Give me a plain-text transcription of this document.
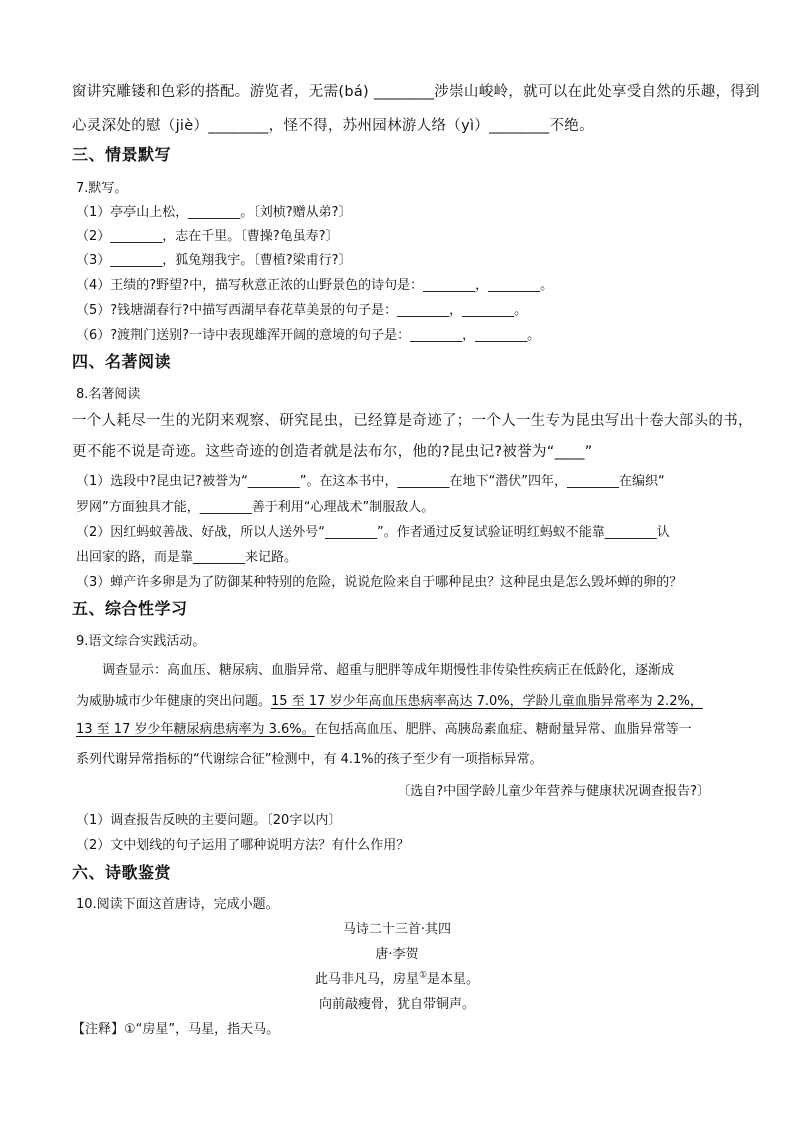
窗讲究雕镂和色彩的搭配。游览者，无需(bá) ________涉崇山峻岭，就可以在此处享受自然的乐趣，得到
心灵深处的慰（jiè）________，怪不得，苏州园林游人络（yì）________不绝。
三、情景默写
7.默写。
（1）亭亭山上松，________。〔刘桢?赠从弟?〕
（2）________，志在千里。〔曹操?龟虽寿?〕
（3）________，狐兔翔我宇。〔曹植?梁甫行?〕
（4）王绩的?野望?中，描写秋意正浓的山野景色的诗句是：________，________。
（5）?钱塘湖春行?中描写西湖早春花草美景的句子是：________，________。
（6）?渡荆门送别?一诗中表现雄浑开阔的意境的句子是：________，________。
四、名著阅读
8.名著阅读
一个人耗尽一生的光阴来观察、研究昆虫，已经算是奇迹了；一个人一生专为昆虫写出十卷大部头的书，
更不能不说是奇迹。这些奇迹的创造者就是法布尔，他的?昆虫记?被誉为“____”
（1）选段中?昆虫记?被誉为“________”。在这本书中，________在地下“潜伏”四年，________在编织“
罗网”方面独具才能，________善于利用“心理战术”制服敌人。
（2）因红蚂蚁善战、好战，所以人送外号“________”。作者通过反复试验证明红蚂蚁不能靠________认
出回家的路，而是靠________来记路。
（3）蝉产许多卵是为了防御某种特别的危险，说说危险来自于哪种昆虫？这种昆虫是怎么毁坏蝉的卵的？
五、综合性学习
9.语文综合实践活动。
调查显示：高血压、糖尿病、血脂异常、超重与肥胖等成年期慢性非传染性疾病正在低龄化，逐渐成
为威胁城市少年健康的突出问题。15 至 17 岁少年高血压患病率高达 7.0%，学龄儿童血脂异常率为 2.2%，
13 至 17 岁少年糖尿病患病率为 3.6%。在包括高血压、肥胖、高胰岛素血症、糖耐量异常、血脂异常等一
系列代谢异常指标的“代谢综合征”检测中，有 4.1%的孩子至少有一项指标异常。
〔选自?中国学龄儿童少年营养与健康状况调查报告?〕
（1）调查报告反映的主要问题。〔20字以内〕
（2）文中划线的句子运用了哪种说明方法？有什么作用？
六、诗歌鉴赏
10.阅读下面这首唐诗，完成小题。
马诗二十三首·其四
唐·李贺
此马非凡马，房星①是本星。
向前敲瘦骨，犹自带铜声。
【注释】①“房星”，马星，指天马。
